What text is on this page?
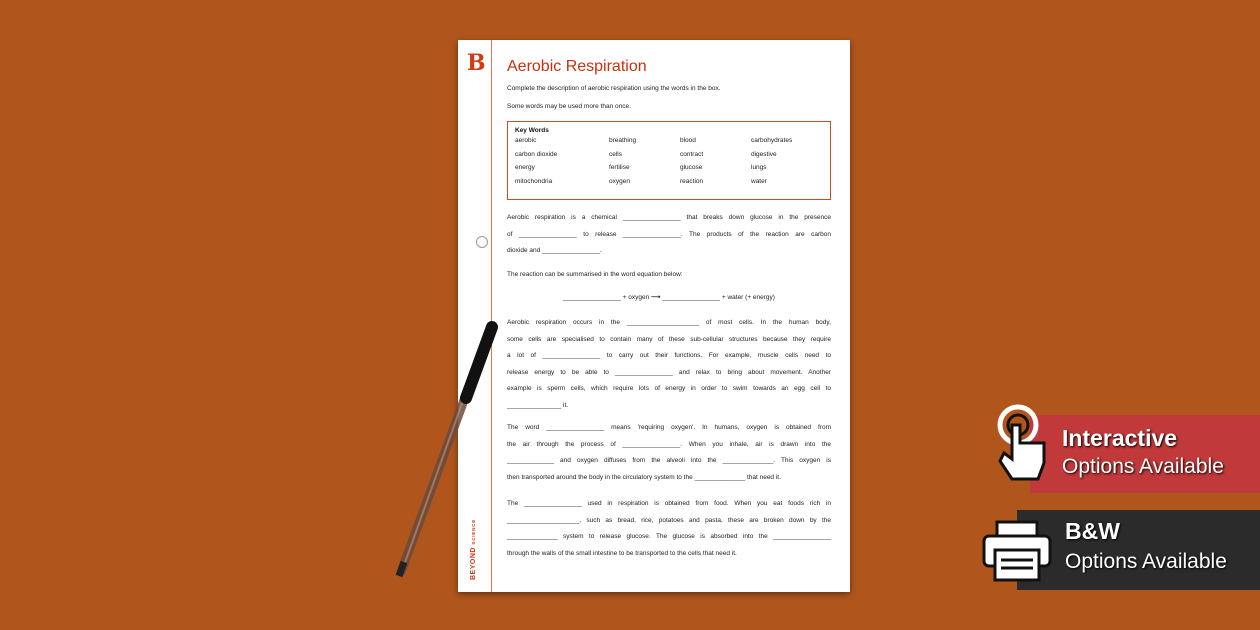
B
BEYOND SCIENCE
Aerobic Respiration
Complete the description of aerobic respiration using the words in the box.
Some words may be used more than once.
Key Words
aerobic	breathing	blood	carbohydrates
carbon dioxide	cells	contract	digestive
energy	fertilise	glucose	lungs
mitochondria	oxygen	reaction	water
Aerobic respiration is a chemical ________________ that breaks down glucose in the presence
of ________________ to release ________________. The products of the reaction are carbon
dioxide and ________________.
The reaction can be summarised in the word equation below:
________________ + oxygen ⟶ ________________ + water (+ energy)
Aerobic respiration occurs in the ____________________ of most cells. In the human body,
some cells are specialised to contain many of these sub-cellular structures because they require
a lot of ________________ to carry out their functions. For example, muscle cells need to
release energy to be able to ________________ and relax to bring about movement. Another
example is sperm cells, which require lots of energy in order to swim towards an egg cell to
_______________ it.
The word ________________ means 'requiring oxygen'. In humans, oxygen is obtained from
the air through the process of ________________. When you inhale, air is drawn into the
_____________ and oxygen diffuses from the alveoli into the ______________. This oxygen is
then transported around the body in the circulatory system to the ______________ that need it.
The ________________ used in respiration is obtained from food. When you eat foods rich in
____________________, such as bread, rice, potatoes and pasta, these are broken down by the
______________ system to release glucose. The glucose is absorbed into the ________________
through the walls of the small intestine to be transported to the cells that need it.
Interactive
Options Available
B&W
Options Available
